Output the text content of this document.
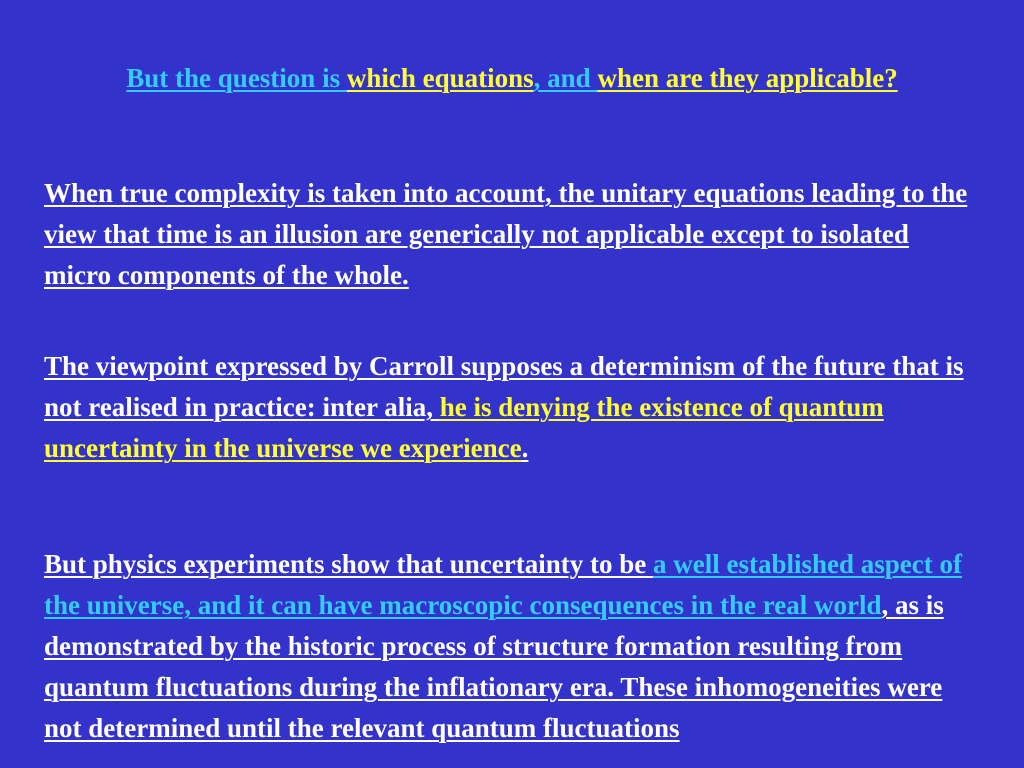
But the question is which equations, and when are they applicable?

When true complexity is taken into account, the unitary equations leading to the view that time is an illusion are generically not applicable except to isolated micro components of the whole.

The viewpoint expressed by Carroll supposes a determinism of the future that is not realised in practice: inter alia, he is denying the existence of quantum uncertainty in the universe we experience.

But physics experiments show that uncertainty to be a well established aspect of the universe, and it can have macroscopic consequences in the real world, as is demonstrated by the historic process of structure formation resulting from quantum fluctuations during the inflationary era. These inhomogeneities were not determined until the relevant quantum fluctuations
